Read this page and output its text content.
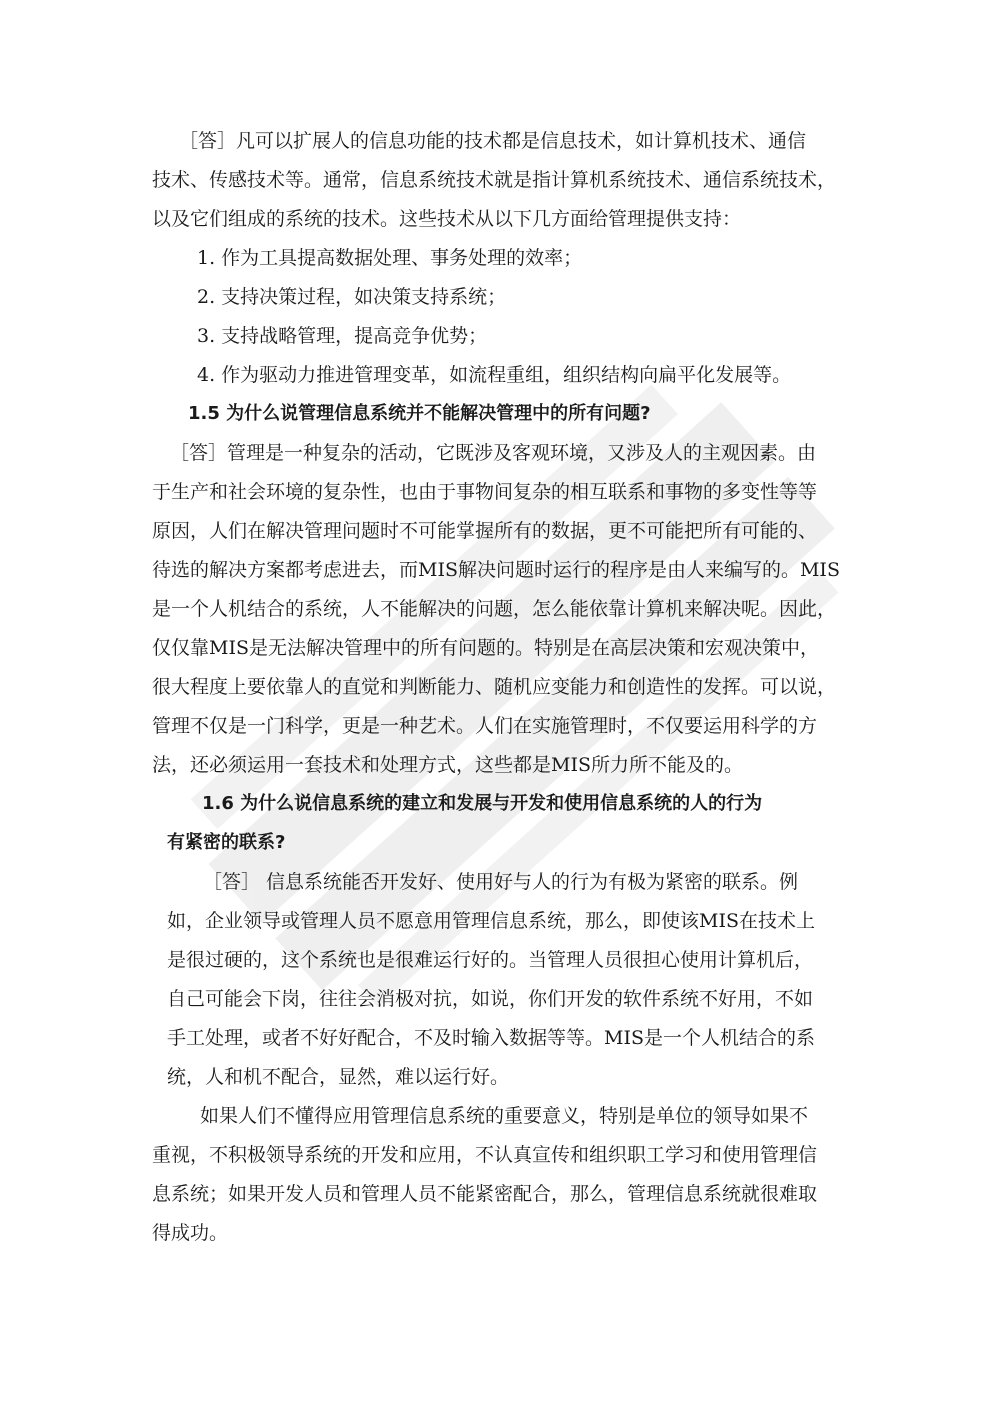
［答］凡可以扩展人的信息功能的技术都是信息技术，如计算机技术、通信
技术、传感技术等。通常，信息系统技术就是指计算机系统技术、通信系统技术，
以及它们组成的系统的技术。这些技术从以下几方面给管理提供支持：
1. 作为工具提高数据处理、事务处理的效率；
2. 支持决策过程，如决策支持系统；
3. 支持战略管理，提高竞争优势；
4. 作为驱动力推进管理变革，如流程重组，组织结构向扁平化发展等。
1.5 为什么说管理信息系统并不能解决管理中的所有问题?
［答］管理是一种复杂的活动，它既涉及客观环境，又涉及人的主观因素。由
于生产和社会环境的复杂性，也由于事物间复杂的相互联系和事物的多变性等等
原因，人们在解决管理问题时不可能掌握所有的数据，更不可能把所有可能的、
待选的解决方案都考虑进去，而MIS解决问题时运行的程序是由人来编写的。MIS
是一个人机结合的系统，人不能解决的问题，怎么能依靠计算机来解决呢。因此，
仅仅靠MIS是无法解决管理中的所有问题的。特别是在高层决策和宏观决策中，
很大程度上要依靠人的直觉和判断能力、随机应变能力和创造性的发挥。可以说，
管理不仅是一门科学，更是一种艺术。人们在实施管理时，不仅要运用科学的方
法，还必须运用一套技术和处理方式，这些都是MIS所力所不能及的。
1.6 为什么说信息系统的建立和发展与开发和使用信息系统的人的行为
有紧密的联系?
［答］ 信息系统能否开发好、使用好与人的行为有极为紧密的联系。例
如，企业领导或管理人员不愿意用管理信息系统，那么，即使该MIS在技术上
是很过硬的，这个系统也是很难运行好的。当管理人员很担心使用计算机后，
自己可能会下岗，往往会消极对抗，如说，你们开发的软件系统不好用，不如
手工处理，或者不好好配合，不及时输入数据等等。MIS是一个人机结合的系
统，人和机不配合，显然，难以运行好。
如果人们不懂得应用管理信息系统的重要意义，特别是单位的领导如果不
重视，不积极领导系统的开发和应用，不认真宣传和组织职工学习和使用管理信
息系统；如果开发人员和管理人员不能紧密配合，那么，管理信息系统就很难取
得成功。
